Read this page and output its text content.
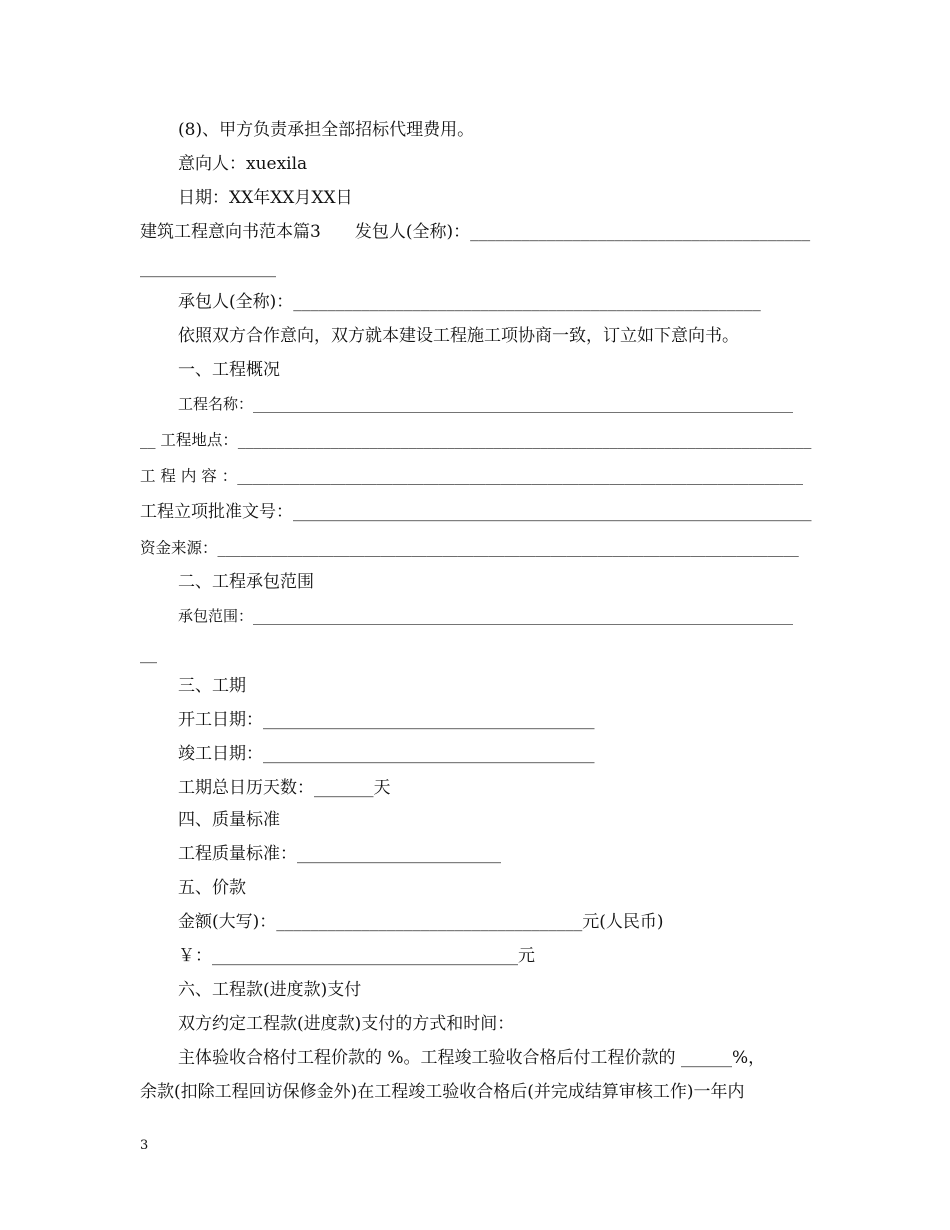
(8)、甲方负责承担全部招标代理费用。
意向人：xuexila
日期：XX年XX月XX日
建筑工程意向书范本篇3　　发包人(全称)：________________________________________
________________
承包人(全称)：_______________________________________________________
依照双方合作意向，双方就本建设工程施工项协商一致，订立如下意向书。
一、工程概况
工程名称：________________________________________________________________________
__ 工程地点：__________________________________________________________________________
工 程 内 容 ：_________________________________________________________________________
工程立项批准文号：_____________________________________________________________
资金来源：___________________________________________________________________________
二、工程承包范围
承包范围：________________________________________________________________________
__
三、工期
开工日期：_______________________________________
竣工日期：_______________________________________
工期总日历天数：_______天
四、质量标准
工程质量标准：________________________
五、价款
金额(大写)：____________________________________元(人民币)
￥：____________________________________元
六、工程款(进度款)支付
双方约定工程款(进度款)支付的方式和时间：
主体验收合格付工程价款的 %。工程竣工验收合格后付工程价款的 ______%，
余款(扣除工程回访保修金外)在工程竣工验收合格后(并完成结算审核工作)一年内
3
